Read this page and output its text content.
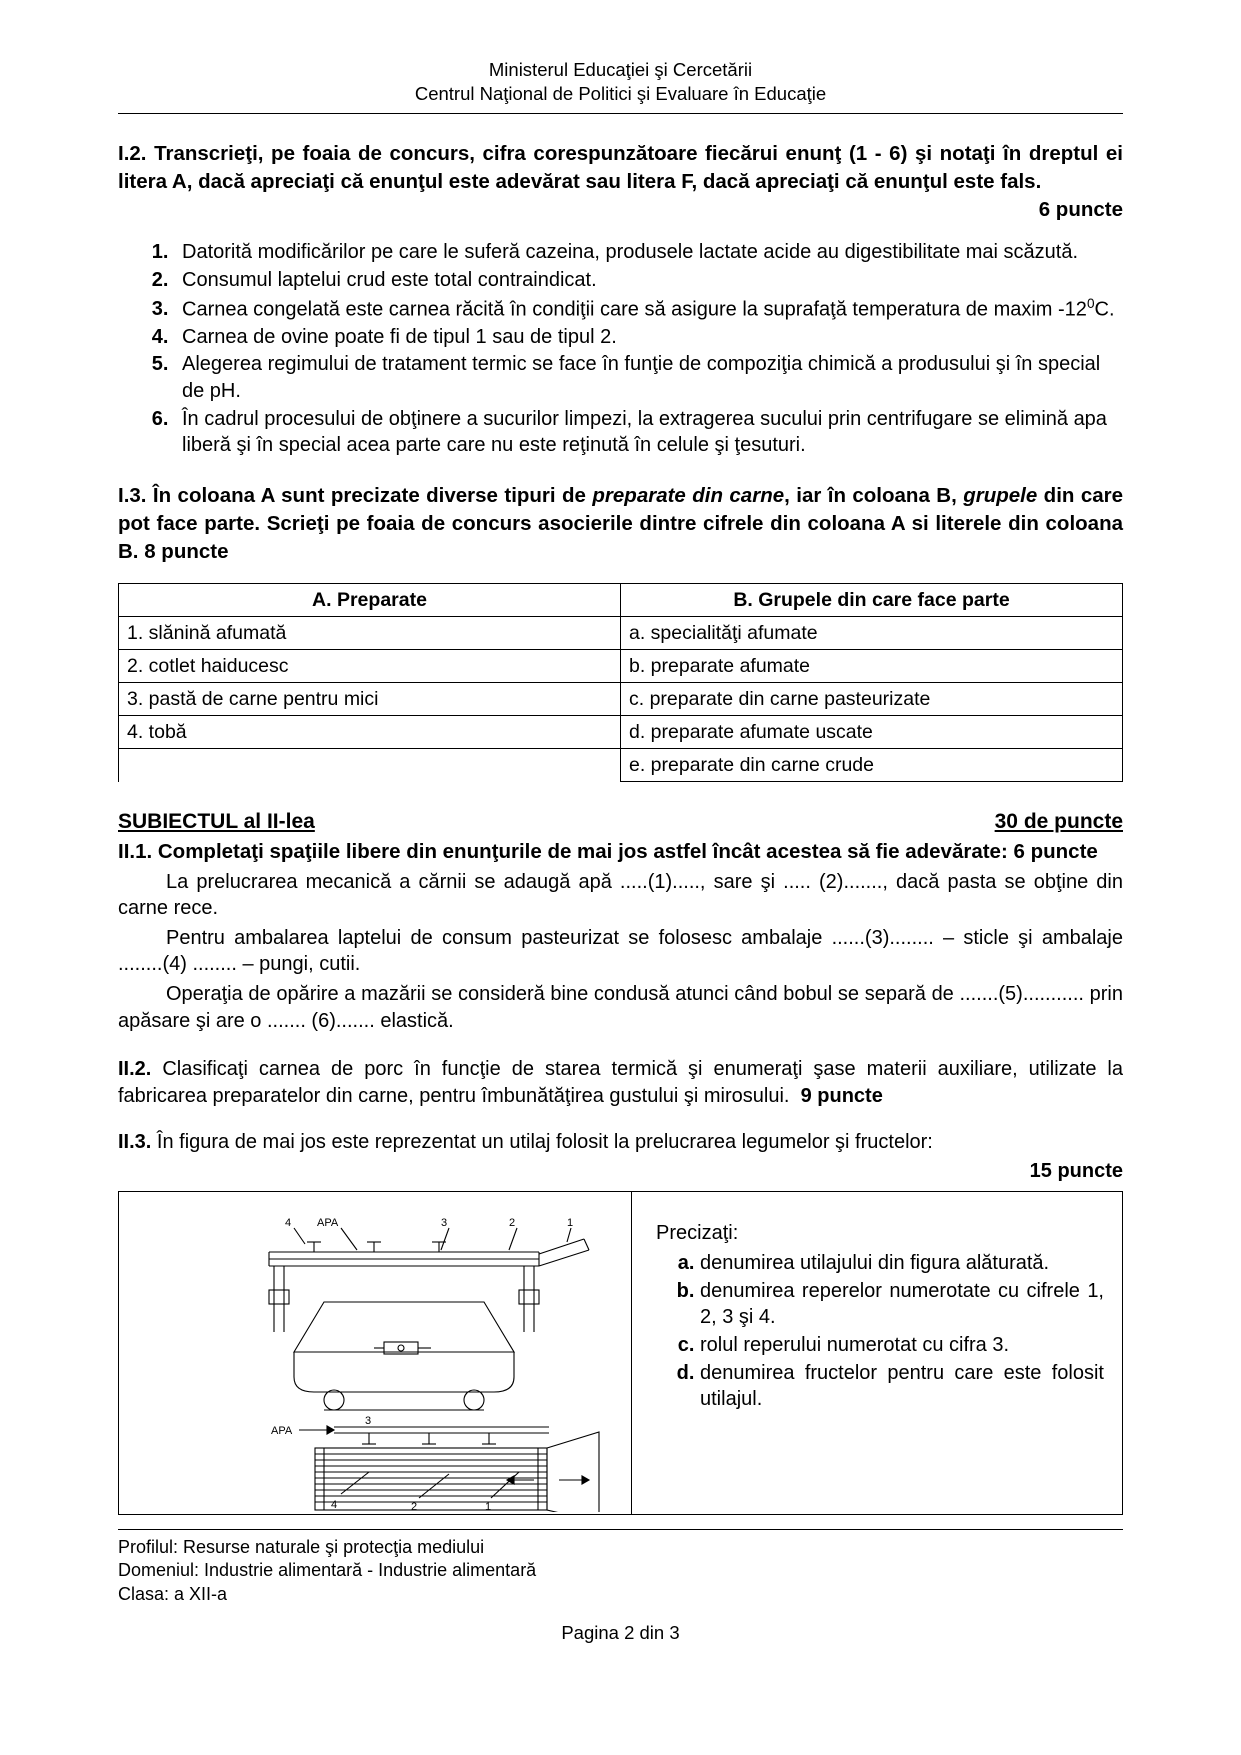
Ministerul Educaţiei şi Cercetării
Centrul Naţional de Politici şi Evaluare în Educaţie
I.2. Transcrieţi, pe foaia de concurs, cifra corespunzătoare fiecărui enunţ (1 - 6) şi notaţi în dreptul ei litera A, dacă apreciaţi că enunţul este adevărat sau litera F, dacă apreciaţi că enunţul este fals.
6 puncte
1. Datorită modificărilor pe care le suferă cazeina, produsele lactate acide au digestibilitate mai scăzută.
2. Consumul laptelui crud este total contraindicat.
3. Carnea congelată este carnea răcită în condiţii care să asigure la suprafaţă temperatura de maxim $-12^0C$.
4. Carnea de ovine poate fi de tipul 1 sau de tipul 2.
5. Alegerea regimului de tratament termic se face în funţie de compoziţia chimică a produsului şi în special de pH.
6. În cadrul procesului de obţinere a sucurilor limpezi, la extragerea sucului prin centrifugare se elimină apa liberă şi în special acea parte care nu este reţinută în celule şi ţesuturi.
I.3. În coloana A sunt precizate diverse tipuri de preparate din carne, iar în coloana B, grupele din care pot face parte. Scrieţi pe foaia de concurs asocierile dintre cifrele din coloana A si literele din coloana B. 8 puncte
A. Preparate	B. Grupele din care face parte
1. slănină afumată	a. specialităţi afumate
2. cotlet haiducesc	b. preparate afumate
3. pastă de carne pentru mici	c. preparate din carne pasteurizate
4. tobă	d. preparate afumate uscate
	e. preparate din carne crude
SUBIECTUL al II-lea	30 de puncte
II.1. Completaţi spaţiile libere din enunţurile de mai jos astfel încât acestea să fie adevărate: 6 puncte
La prelucrarea mecanică a cărnii se adaugă apă .....(1)....., sare şi ..... (2)......., dacă pasta se obţine din carne rece.
Pentru ambalarea laptelui de consum pasteurizat se folosesc ambalaje ......(3)........ – sticle şi ambalaje ........(4) ........ – pungi, cutii.
Operaţia de opărire a mazării se consideră bine condusă atunci când bobul se separă de .......(5)........... prin apăsare şi are o ....... (6)....... elastică.
II.2. Clasificaţi carnea de porc în funcţie de starea termică şi enumeraţi şase materii auxiliare, utilizate la fabricarea preparatelor din carne, pentru îmbunătăţirea gustului şi mirosului. 9 puncte
II.3. În figura de mai jos este reprezentat un utilaj folosit la prelucrarea legumelor şi fructelor:
15 puncte
4 APA	3	2	1
APA
3
4	2	1
Precizaţi:
a. denumirea utilajului din figura alăturată.
b. denumirea reperelor numerotate cu cifrele 1, 2, 3 şi 4.
c. rolul reperului numerotat cu cifra 3.
d. denumirea fructelor pentru care este folosit utilajul.
Profilul: Resurse naturale şi protecţia mediului
Domeniul: Industrie alimentară - Industrie alimentară
Clasa: a XII-a
Pagina 2 din 3
